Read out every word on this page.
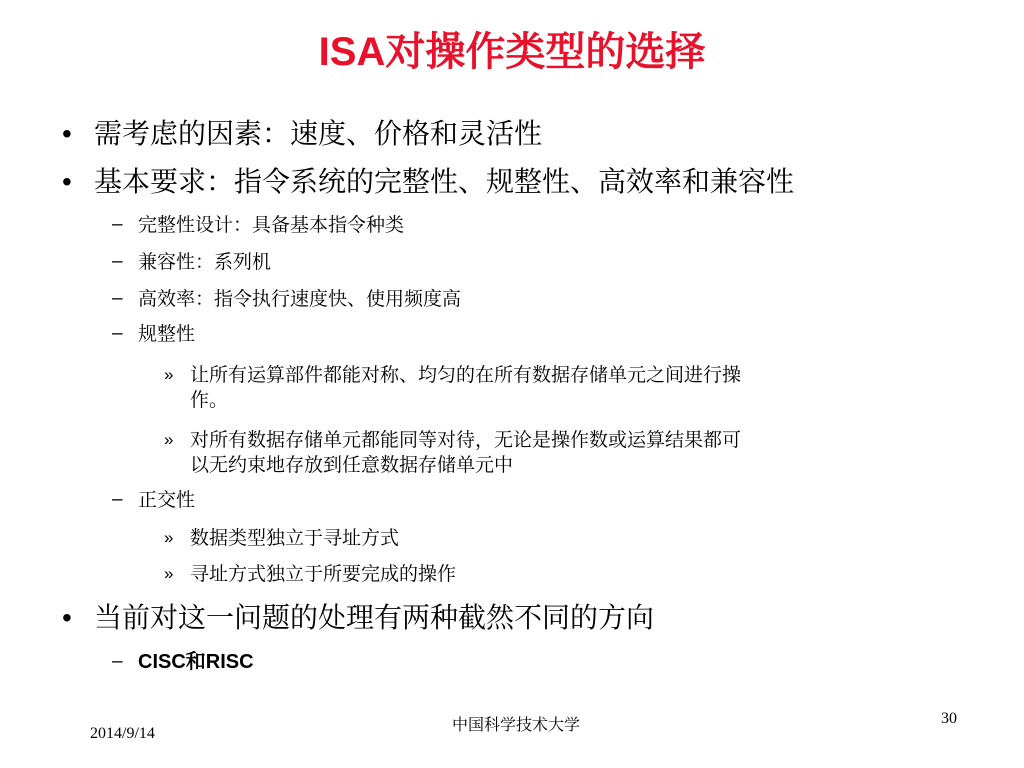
ISA对操作类型的选择
• 需考虑的因素：速度、价格和灵活性
• 基本要求：指令系统的完整性、规整性、高效率和兼容性
– 完整性设计：具备基本指令种类
– 兼容性：系列机
– 高效率：指令执行速度快、使用频度高
– 规整性
» 让所有运算部件都能对称、均匀的在所有数据存储单元之间进行操
作。
» 对所有数据存储单元都能同等对待，无论是操作数或运算结果都可
以无约束地存放到任意数据存储单元中
– 正交性
» 数据类型独立于寻址方式
» 寻址方式独立于所要完成的操作
• 当前对这一问题的处理有两种截然不同的方向
– CISC和RISC
2014/9/14	中国科学技术大学	30
